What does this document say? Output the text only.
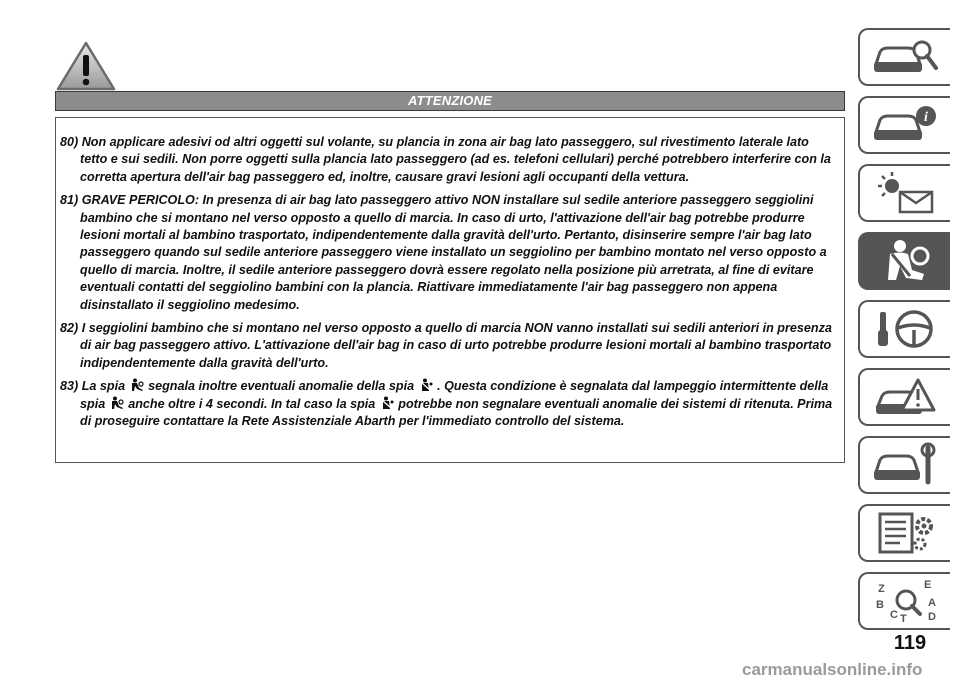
ATTENZIONE

80) Non applicare adesivi od altri oggetti sul volante, su plancia in zona air bag lato passeggero, sul rivestimento laterale lato tetto e sui sedili. Non porre oggetti sulla plancia lato passeggero (ad es. telefoni cellulari) perché potrebbero interferire con la corretta apertura dell'air bag passeggero ed, inoltre, causare gravi lesioni agli occupanti della vettura.

81) GRAVE PERICOLO: In presenza di air bag lato passeggero attivo NON installare sul sedile anteriore passeggero seggiolini bambino che si montano nel verso opposto a quello di marcia. In caso di urto, l'attivazione dell'air bag potrebbe produrre lesioni mortali al bambino trasportato, indipendentemente dalla gravità dell'urto. Pertanto, disinserire sempre l'air bag lato passeggero quando sul sedile anteriore passeggero viene installato un seggiolino per bambino montato nel verso opposto a quello di marcia. Inoltre, il sedile anteriore passeggero dovrà essere regolato nella posizione più arretrata, al fine di evitare eventuali contatti del seggiolino bambini con la plancia. Riattivare immediatamente l'air bag passeggero non appena disinstallato il seggiolino medesimo.

82) I seggiolini bambino che si montano nel verso opposto a quello di marcia NON vanno installati sui sedili anteriori in presenza di air bag passeggero attivo. L'attivazione dell'air bag in caso di urto potrebbe produrre lesioni mortali al bambino trasportato indipendentemente dalla gravità dell'urto.

83) La spia segnala inoltre eventuali anomalie della spia . Questa condizione è segnalata dal lampeggio intermittente della spia anche oltre i 4 secondi. In tal caso la spia potrebbe non segnalare eventuali anomalie dei sistemi di ritenuta. Prima di proseguire contattare la Rete Assistenziale Abarth per l'immediato controllo del sistema.

i
Z	E
B	A
C	D
T
119
carmanualsonline.info
